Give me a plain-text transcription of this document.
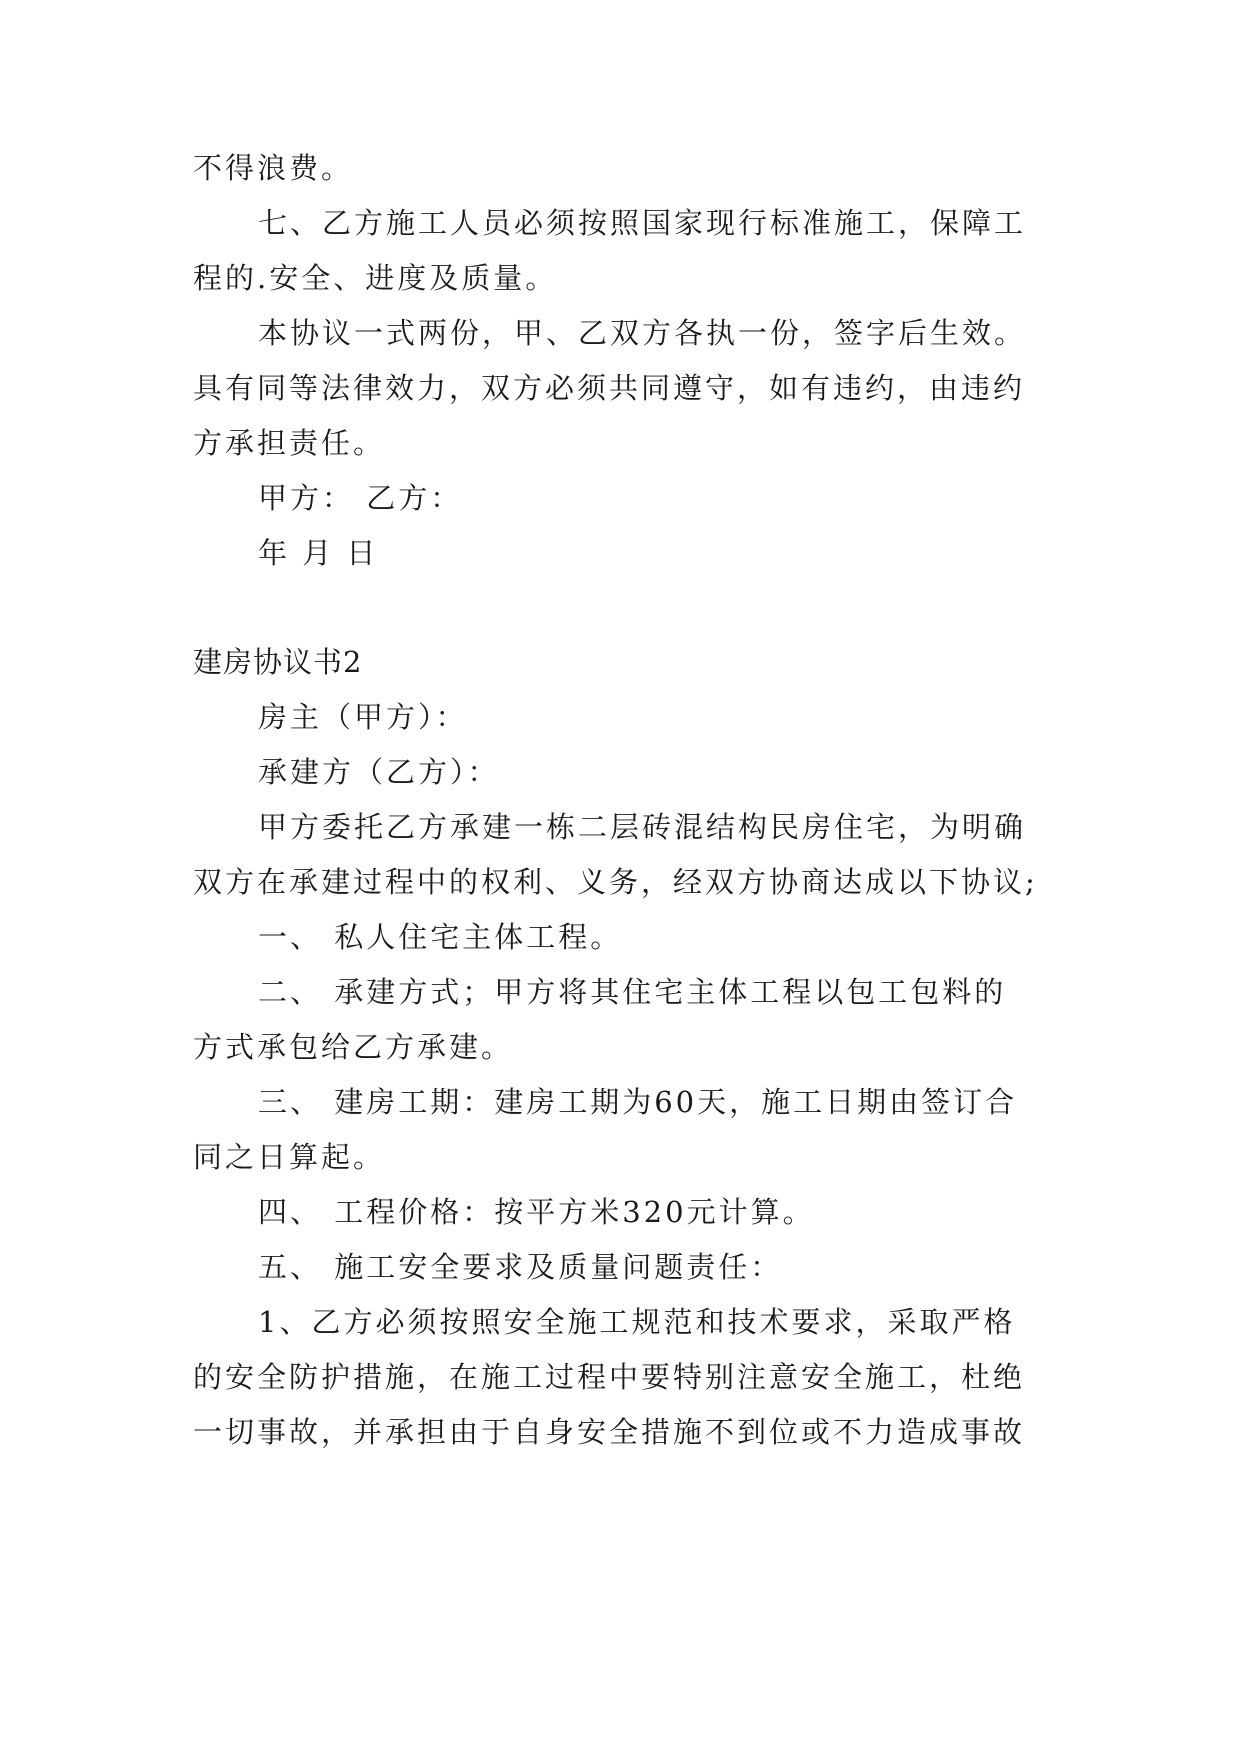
不得浪费。
七、乙方施工人员必须按照国家现行标准施工，保障工
程的.安全、进度及质量。
本协议一式两份，甲、乙双方各执一份，签字后生效。
具有同等法律效力，双方必须共同遵守，如有违约，由违约
方承担责任。
甲方： 乙方：
年 月 日
建房协议书2
房主（甲方）：
承建方（乙方）：
甲方委托乙方承建一栋二层砖混结构民房住宅，为明确
双方在承建过程中的权利、义务，经双方协商达成以下协议;
一、 私人住宅主体工程。
二、 承建方式；甲方将其住宅主体工程以包工包料的
方式承包给乙方承建。
三、 建房工期：建房工期为60天，施工日期由签订合
同之日算起。
四、 工程价格：按平方米320元计算。
五、 施工安全要求及质量问题责任：
1、乙方必须按照安全施工规范和技术要求，采取严格
的安全防护措施，在施工过程中要特别注意安全施工，杜绝
一切事故，并承担由于自身安全措施不到位或不力造成事故
